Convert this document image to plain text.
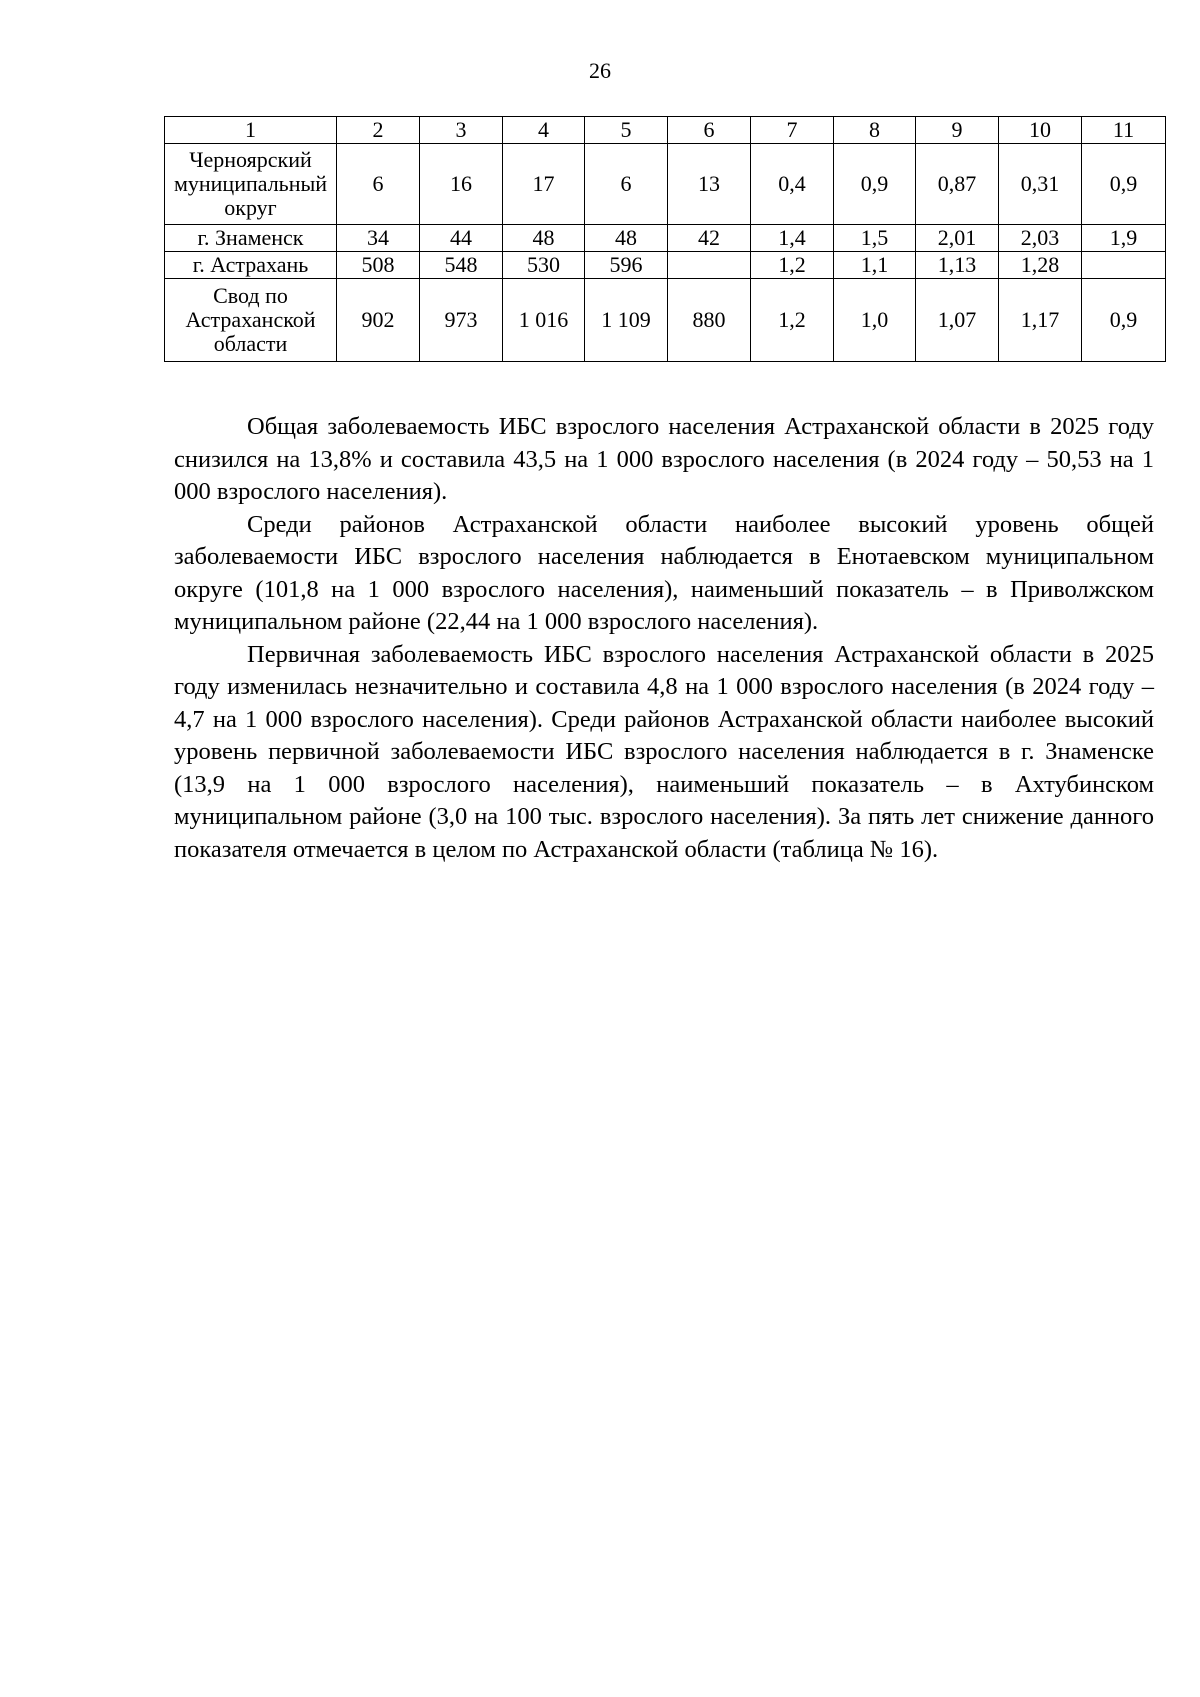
26
1	2	3	4	5	6	7	8	9	10	11
Черноярский муниципальный округ	6	16	17	6	13	0,4	0,9	0,87	0,31	0,9
г. Знаменск	34	44	48	48	42	1,4	1,5	2,01	2,03	1,9
г. Астрахань	508	548	530	596		1,2	1,1	1,13	1,28	
Свод по Астраханской области	902	973	1 016	1 109	880	1,2	1,0	1,07	1,17	0,9

Общая заболеваемость ИБС взрослого населения Астраханской области в 2025 году снизился на 13,8% и составила 43,5 на 1 000 взрослого населения (в 2024 году – 50,53 на 1 000 взрослого населения).

Среди районов Астраханской области наиболее высокий уровень общей заболеваемости ИБС взрослого населения наблюдается в Енотаевском муниципальном округе (101,8 на 1 000 взрослого населения), наименьший показатель – в Приволжском муниципальном районе (22,44 на 1 000 взрослого населения).

Первичная заболеваемость ИБС взрослого населения Астраханской области в 2025 году изменилась незначительно и составила 4,8 на 1 000 взрослого населения (в 2024 году – 4,7 на 1 000 взрослого населения). Среди районов Астраханской области наиболее высокий уровень первичной заболеваемости ИБС взрослого населения наблюдается в г. Знаменске (13,9 на 1 000 взрослого населения), наименьший показатель – в Ахтубинском муниципальном районе (3,0 на 100 тыс. взрослого населения). За пять лет снижение данного показателя отмечается в целом по Астраханской области (таблица № 16).
